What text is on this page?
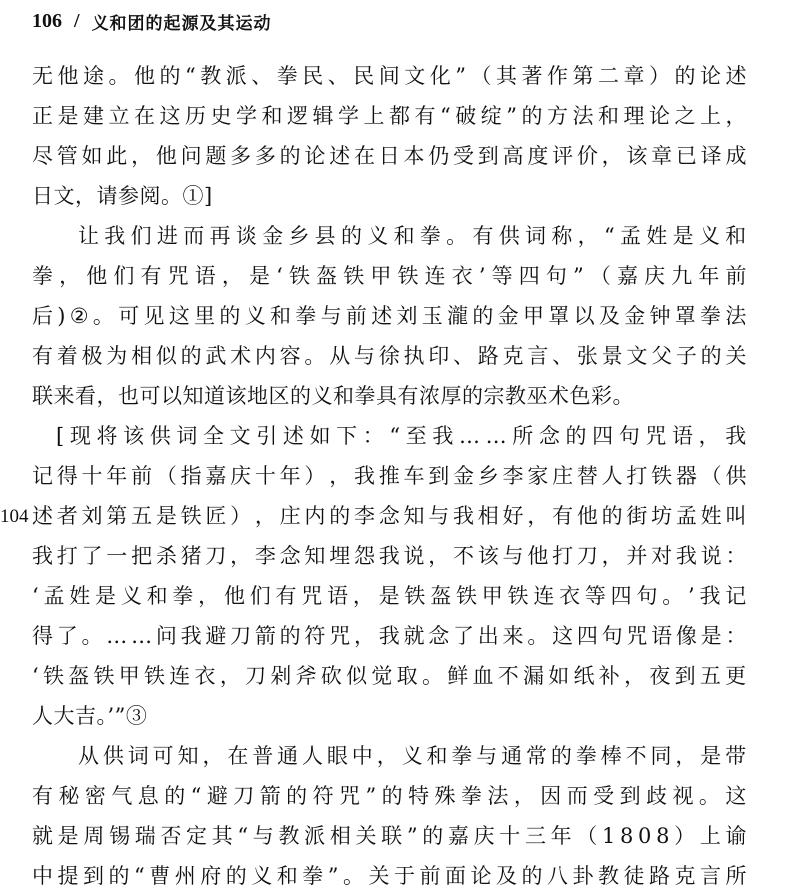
106 / 义和团的起源及其运动
104
无 他 途 。 他 的 “ 教 派 、 拳 民 、 民 间 文 化 ” （ 其 著 作 第 二 章 ） 的 论 述
正 是 建 立 在 这 历 史 学 和 逻 辑 学 上 都 有 “ 破 绽 ” 的 方 法 和 理 论 之 上 ，
尽 管 如 此 ， 他 问 题 多 多 的 论 述 在 日 本 仍 受 到 高 度 评 价 ， 该 章 已 译 成
日文，请参阅。①]
让 我 们 进 而 再 谈 金 乡 县 的 义 和 拳 。 有 供 词 称 ， “ 孟 姓 是 义 和
拳 ， 他 们 有 咒 语 ， 是 ‘ 铁 盔 铁 甲 铁 连 衣 ’ 等 四 句 ” （ 嘉 庆 九 年 前
后 ) ② 。 可 见 这 里 的 义 和 拳 与 前 述 刘 玉 瀧 的 金 甲 罩 以 及 金 钟 罩 拳 法
有 着 极 为 相 似 的 武 术 内 容 。 从 与 徐 执 印 、 路 克 言 、 张 景 文 父 子 的 关
联来看，也可以知道该地区的义和拳具有浓厚的宗教巫术色彩。
[ 现 将 该 供 词 全 文 引 述 如 下 ： “ 至 我 … … 所 念 的 四 句 咒 语 ， 我
记 得 十 年 前 （ 指 嘉 庆 十 年 ） ， 我 推 车 到 金 乡 李 家 庄 替 人 打 铁 器 （ 供
述 者 刘 第 五 是 铁 匠 ） ， 庄 内 的 李 念 知 与 我 相 好 ， 有 他 的 街 坊 孟 姓 叫
我 打 了 一 把 杀 猪 刀 ， 李 念 知 埋 怨 我 说 ， 不 该 与 他 打 刀 ， 并 对 我 说 ：
‘ 孟 姓 是 义 和 拳 ， 他 们 有 咒 语 ， 是 铁 盔 铁 甲 铁 连 衣 等 四 句 。 ’ 我 记
得 了 。 … … 问 我 避 刀 箭 的 符 咒 ， 我 就 念 了 出 来 。 这 四 句 咒 语 像 是 ：
‘ 铁 盔 铁 甲 铁 连 衣 ， 刀 剁 斧 砍 似 觉 取 。 鲜 血 不 漏 如 纸 补 ， 夜 到 五 更
人大吉。’”③
从 供 词 可 知 ， 在 普 通 人 眼 中 ， 义 和 拳 与 通 常 的 拳 棒 不 同 ， 是 带
有 秘 密 气 息 的 “ 避 刀 箭 的 符 咒 ” 的 特 殊 拳 法 ， 因 而 受 到 歧 视 。 这
就 是 周 锡 瑞 否 定 其 “ 与 教 派 相 关 联 ” 的 嘉 庆 十 三 年 （ 1 8 0 8 ） 上 谕
中 提 到 的 “ 曹 州 府 的 义 和 拳 ” 。 关 于 前 面 论 及 的 八 卦 教 徒 路 克 言 所
